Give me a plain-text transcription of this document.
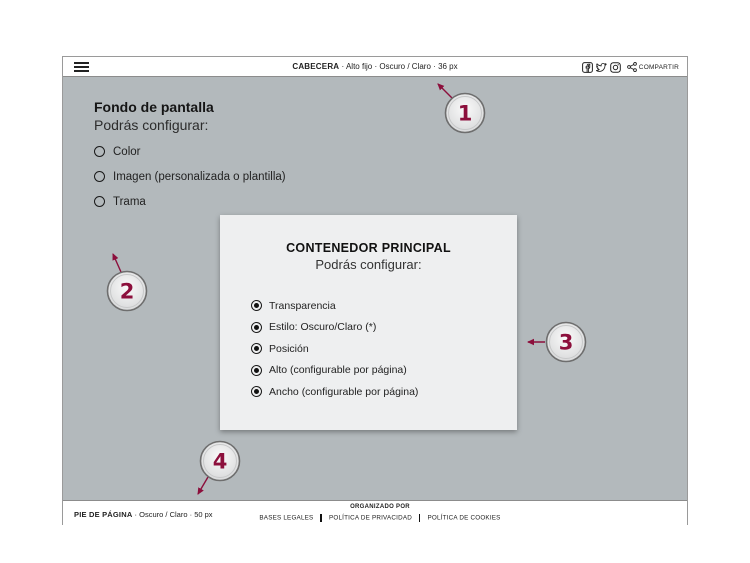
CABECERA · Alto fijo · Oscuro / Claro · 36 px	COMPARTIR
Fondo de pantalla
Podrás configurar:
Color
Imagen (personalizada o plantilla)
Trama
CONTENEDOR PRINCIPAL
Podrás configurar:
Transparencia
Estilo: Oscuro/Claro (*)
Posición
Alto (configurable por página)
Ancho (configurable por página)
PIE DE PÁGINA · Oscuro / Claro · 50 px
ORGANIZADO POR
BASES LEGALES POLÍTICA DE PRIVACIDAD POLÍTICA DE COOKIES
1
2
3
4
